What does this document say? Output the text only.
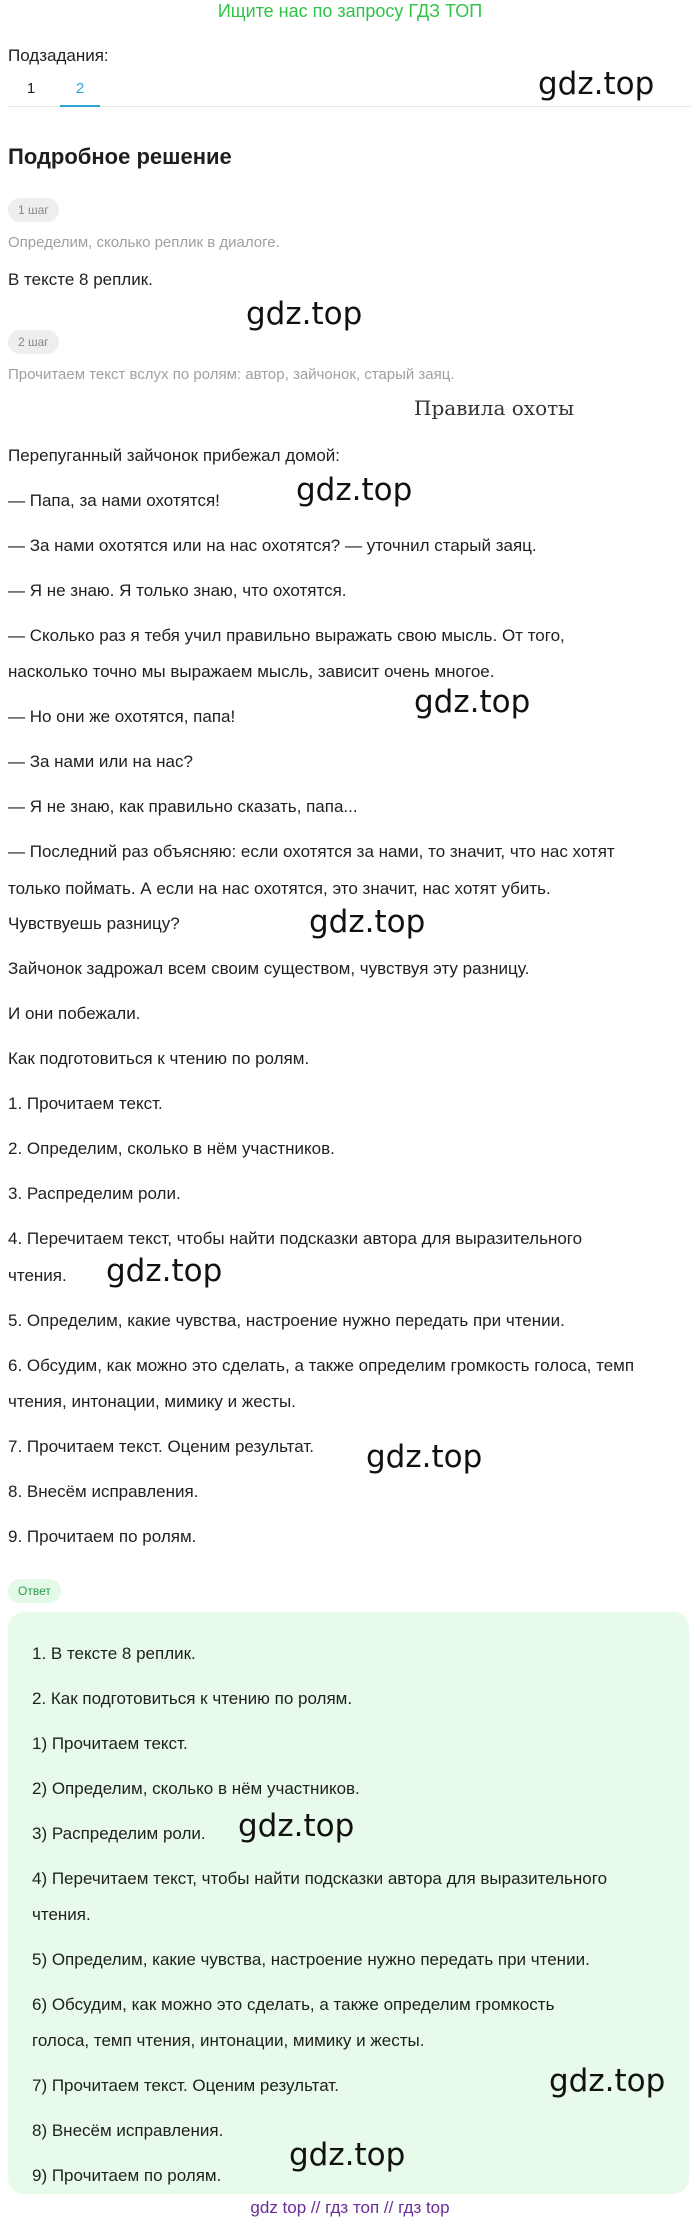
Ищите нас по запросу ГДЗ ТОП
Подзадания:
1	2
Подробное решение
1 шаг
Определим, сколько реплик в диалоге.
В тексте 8 реплик.
2 шаг
Прочитаем текст вслух по ролям: автор, зайчонок, старый заяц.
Правила охоты
Перепуганный зайчонок прибежал домой:
— Папа, за нами охотятся!
— За нами охотятся или на нас охотятся? — уточнил старый заяц.
— Я не знаю. Я только знаю, что охотятся.
— Сколько раз я тебя учил правильно выражать свою мысль. От того,
насколько точно мы выражаем мысль, зависит очень многое.
— Но они же охотятся, папа!
— За нами или на нас?
— Я не знаю, как правильно сказать, папа...
— Последний раз объясняю: если охотятся за нами, то значит, что нас хотят
только поймать. А если на нас охотятся, это значит, нас хотят убить.
Чувствуешь разницу?
Зайчонок задрожал всем своим существом, чувствуя эту разницу.
И они побежали.
Как подготовиться к чтению по ролям.
1. Прочитаем текст.
2. Определим, сколько в нём участников.
3. Распределим роли.
4. Перечитаем текст, чтобы найти подсказки автора для выразительного
чтения.
5. Определим, какие чувства, настроение нужно передать при чтении.
6. Обсудим, как можно это сделать, а также определим громкость голоса, темп
чтения, интонации, мимику и жесты.
7. Прочитаем текст. Оценим результат.
8. Внесём исправления.
9. Прочитаем по ролям.
Ответ
1. В тексте 8 реплик.
2. Как подготовиться к чтению по ролям.
1) Прочитаем текст.
2) Определим, сколько в нём участников.
3) Распределим роли.
4) Перечитаем текст, чтобы найти подсказки автора для выразительного
чтения.
5) Определим, какие чувства, настроение нужно передать при чтении.
6) Обсудим, как можно это сделать, а также определим громкость
голоса, темп чтения, интонации, мимику и жесты.
7) Прочитаем текст. Оценим результат.
8) Внесём исправления.
9) Прочитаем по ролям.
gdz.top
gdz.top
gdz.top
gdz.top
gdz.top
gdz.top
gdz.top
gdz.top
gdz.top
gdz.top
gdz top // гдз топ // гдз top
